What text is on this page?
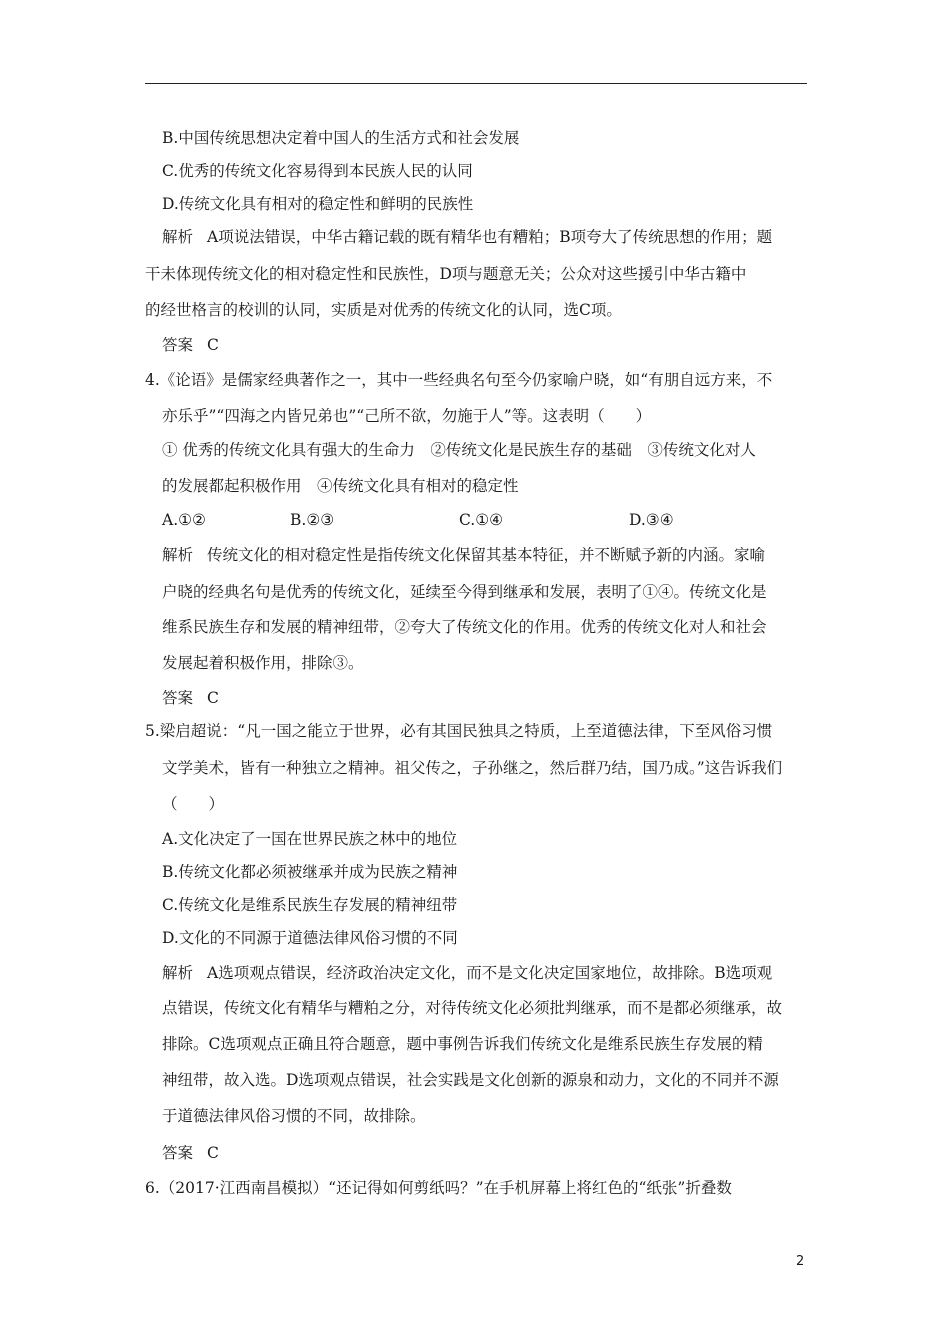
B.中国传统思想决定着中国人的生活方式和社会发展
C.优秀的传统文化容易得到本民族人民的认同
D.传统文化具有相对的稳定性和鲜明的民族性
解析 A项说法错误，中华古籍记载的既有精华也有糟粕；B项夸大了传统思想的作用；题
干未体现传统文化的相对稳定性和民族性，D项与题意无关；公众对这些援引中华古籍中
的经世格言的校训的认同，实质是对优秀的传统文化的认同，选C项。
答案 C
4.《论语》是儒家经典著作之一，其中一些经典名句至今仍家喻户晓，如“有朋自远方来，不
亦乐乎”“四海之内皆兄弟也”“己所不欲，勿施于人”等。这表明（　　）
① 优秀的传统文化具有强大的生命力　②传统文化是民族生存的基础　③传统文化对人
的发展都起积极作用　④传统文化具有相对的稳定性
A.①②	B.②③	C.①④	D.③④
解析 传统文化的相对稳定性是指传统文化保留其基本特征，并不断赋予新的内涵。家喻
户晓的经典名句是优秀的传统文化，延续至今得到继承和发展，表明了①④。传统文化是
维系民族生存和发展的精神纽带，②夸大了传统文化的作用。优秀的传统文化对人和社会
发展起着积极作用，排除③。
答案 C
5.梁启超说：“凡一国之能立于世界，必有其国民独具之特质，上至道德法律，下至风俗习惯
文学美术，皆有一种独立之精神。祖父传之，子孙继之，然后群乃结，国乃成。”这告诉我们
（　　）
A.文化决定了一国在世界民族之林中的地位
B.传统文化都必须被继承并成为民族之精神
C.传统文化是维系民族生存发展的精神纽带
D.文化的不同源于道德法律风俗习惯的不同
解析 A选项观点错误，经济政治决定文化，而不是文化决定国家地位，故排除。B选项观
点错误，传统文化有精华与糟粕之分，对待传统文化必须批判继承，而不是都必须继承，故
排除。C选项观点正确且符合题意，题中事例告诉我们传统文化是维系民族生存发展的精
神纽带，故入选。D选项观点错误，社会实践是文化创新的源泉和动力，文化的不同并不源
于道德法律风俗习惯的不同，故排除。
答案 C
6.（2017·江西南昌模拟）“还记得如何剪纸吗？”在手机屏幕上将红色的“纸张”折叠数
2
